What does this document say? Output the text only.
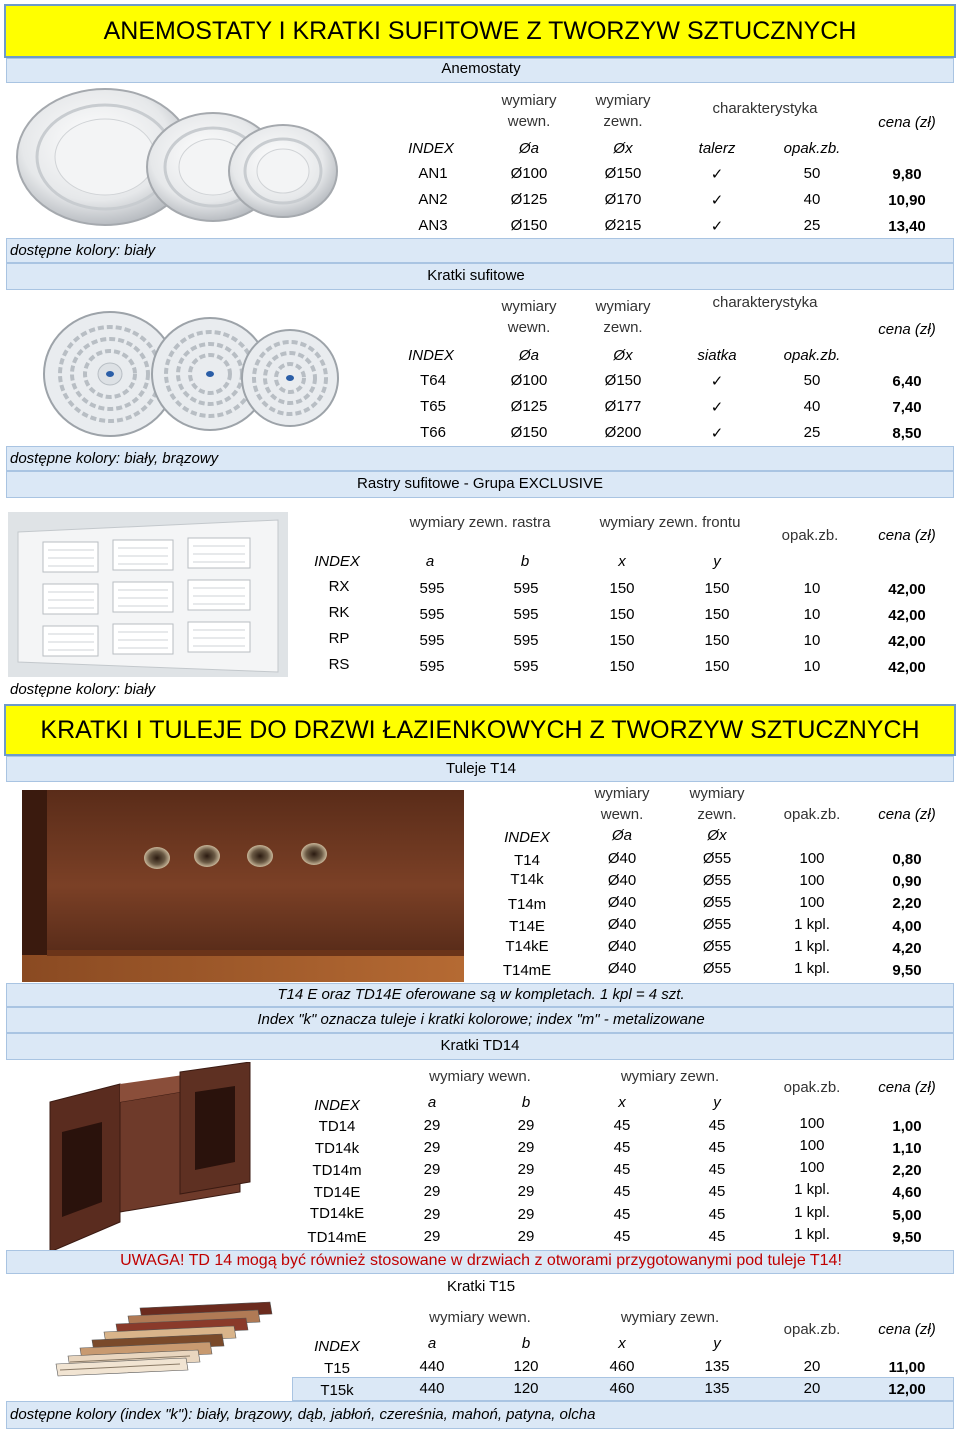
ANEMOSTATY I KRATKI SUFITOWE Z TWORZYW SZTUCZNYCH
Anemostaty
wymiary wewn.
wymiary zewn.
charakterystyka
cena (zł)
INDEX	Øa	Øx	talerz	opak.zb.
AN1	Ø100	Ø150	✓	50	9,80
AN2	Ø125	Ø170	✓	40	10,90
AN3	Ø150	Ø215	✓	25	13,40
dostępne kolory: biały
Kratki sufitowe
wymiary wewn.
wymiary zewn.
charakterystyka
cena (zł)
INDEX	Øa	Øx	siatka	opak.zb.
T64	Ø100	Ø150	✓	50	6,40
T65	Ø125	Ø177	✓	40	7,40
T66	Ø150	Ø200	✓	25	8,50
dostępne kolory: biały, brązowy
Rastry sufitowe - Grupa EXCLUSIVE
wymiary zewn. rastra	wymiary zewn. frontu
opak.zb.	cena (zł)
INDEX	a	b	x	y
RX	595	595	150	150	10	42,00
RK	595	595	150	150	10	42,00
RP	595	595	150	150	10	42,00
RS	595	595	150	150	10	42,00
dostępne kolory: biały
KRATKI I TULEJE DO DRZWI ŁAZIENKOWYCH Z TWORZYW SZTUCZNYCH
Tuleje T14
wymiary
wewn.
wymiary
zewn.	opak.zb.	cena (zł)
INDEX	Øa	Øx
T14	Ø40	Ø55	100	0,80
T14k	Ø40	Ø55	100	0,90
T14m	Ø40	Ø55	100	2,20
T14E	Ø40	Ø55	1 kpl.	4,00
T14kE	Ø40	Ø55	1 kpl.	4,20
T14mE	Ø40	Ø55	1 kpl.	9,50
T14 E oraz TD14E oferowane są w kompletach. 1 kpl = 4 szt.
Index "k" oznacza tuleje i kratki kolorowe; index "m" - metalizowane
Kratki TD14
wymiary wewn.	wymiary zewn.
opak.zb.	cena (zł)
INDEX	a	b	x	y
TD14	29	29	45	45	100	1,00
TD14k	29	29	45	45	100	1,10
TD14m	29	29	45	45	100	2,20
TD14E	29	29	45	45	1 kpl.	4,60
TD14kE	29	29	45	45	1 kpl.	5,00
TD14mE	29	29	45	45	1 kpl.	9,50
UWAGA! TD 14 mogą być również stosowane w drzwiach z otworami przygotowanymi pod tuleje T14!
Kratki T15
wymiary wewn.	wymiary zewn.
opak.zb.	cena (zł)
INDEX	a	b	x	y
T15	440	120	460	135	20	11,00
T15k	440	120	460	135	20	12,00
dostępne kolory (index "k"): biały, brązowy, dąb, jabłoń, czereśnia, mahoń, patyna, olcha
